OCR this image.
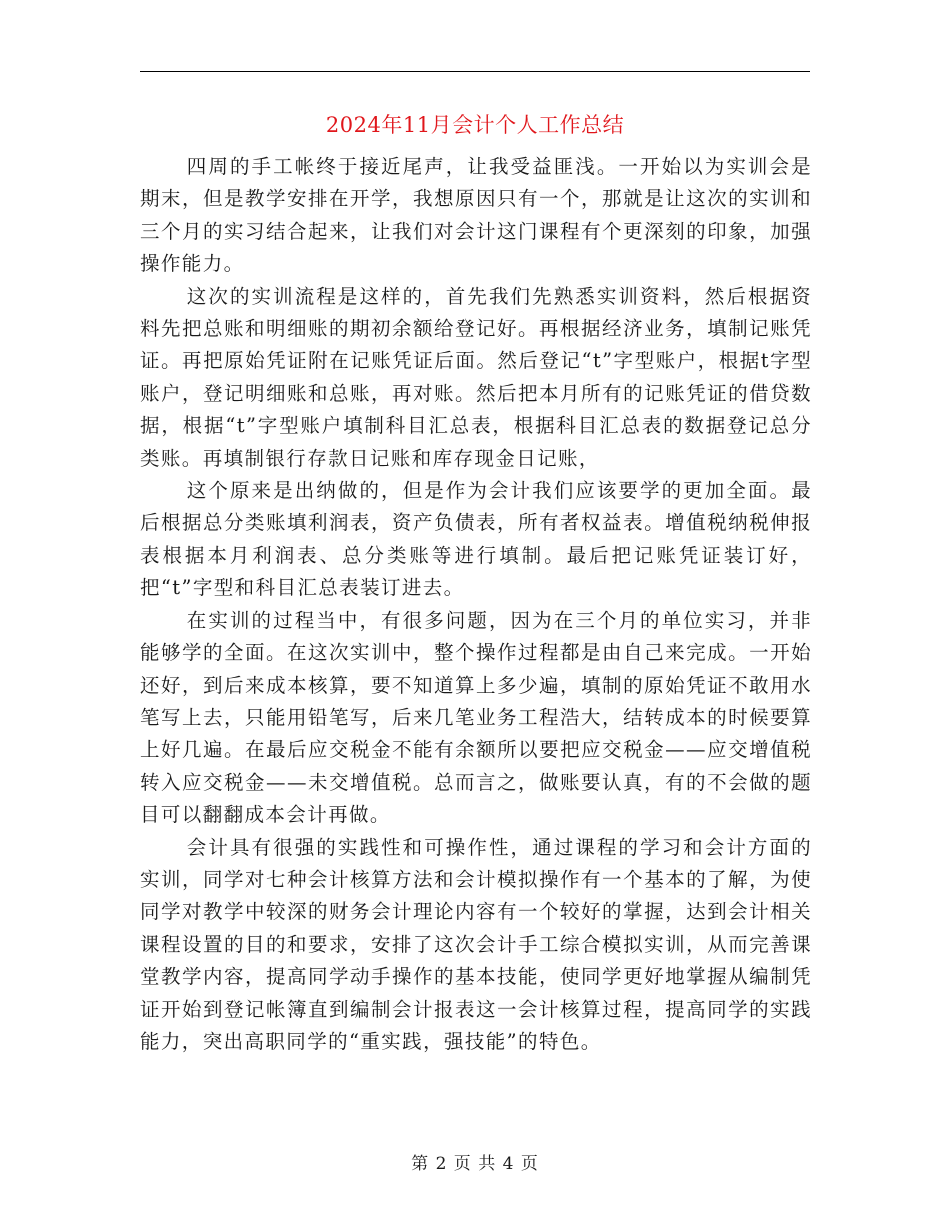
2024年11月会计个人工作总结

四周的手工帐终于接近尾声，让我受益匪浅。一开始以为实训会是期末，但是教学安排在开学，我想原因只有一个，那就是让这次的实训和三个月的实习结合起来，让我们对会计这门课程有个更深刻的印象，加强操作能力。

这次的实训流程是这样的，首先我们先熟悉实训资料，然后根据资料先把总账和明细账的期初余额给登记好。再根据经济业务，填制记账凭证。再把原始凭证附在记账凭证后面。然后登记“t”字型账户，根据t字型账户，登记明细账和总账，再对账。然后把本月所有的记账凭证的借贷数据，根据“t”字型账户填制科目汇总表，根据科目汇总表的数据登记总分类账。再填制银行存款日记账和库存现金日记账，

这个原来是出纳做的，但是作为会计我们应该要学的更加全面。最后根据总分类账填利润表，资产负债表，所有者权益表。增值税纳税伸报表根据本月利润表、总分类账等进行填制。最后把记账凭证装订好，把“t”字型和科目汇总表装订进去。

在实训的过程当中，有很多问题，因为在三个月的单位实习，并非能够学的全面。在这次实训中，整个操作过程都是由自己来完成。一开始还好，到后来成本核算，要不知道算上多少遍，填制的原始凭证不敢用水笔写上去，只能用铅笔写，后来几笔业务工程浩大，结转成本的时候要算上好几遍。在最后应交税金不能有余额所以要把应交税金——应交增值税转入应交税金——未交增值税。总而言之，做账要认真，有的不会做的题目可以翻翻成本会计再做。

会计具有很强的实践性和可操作性，通过课程的学习和会计方面的实训，同学对七种会计核算方法和会计模拟操作有一个基本的了解，为使同学对教学中较深的财务会计理论内容有一个较好的掌握，达到会计相关课程设置的目的和要求，安排了这次会计手工综合模拟实训，从而完善课堂教学内容，提高同学动手操作的基本技能，使同学更好地掌握从编制凭证开始到登记帐簿直到编制会计报表这一会计核算过程，提高同学的实践能力，突出高职同学的“重实践，强技能”的特色。

第 2 页 共 4 页
